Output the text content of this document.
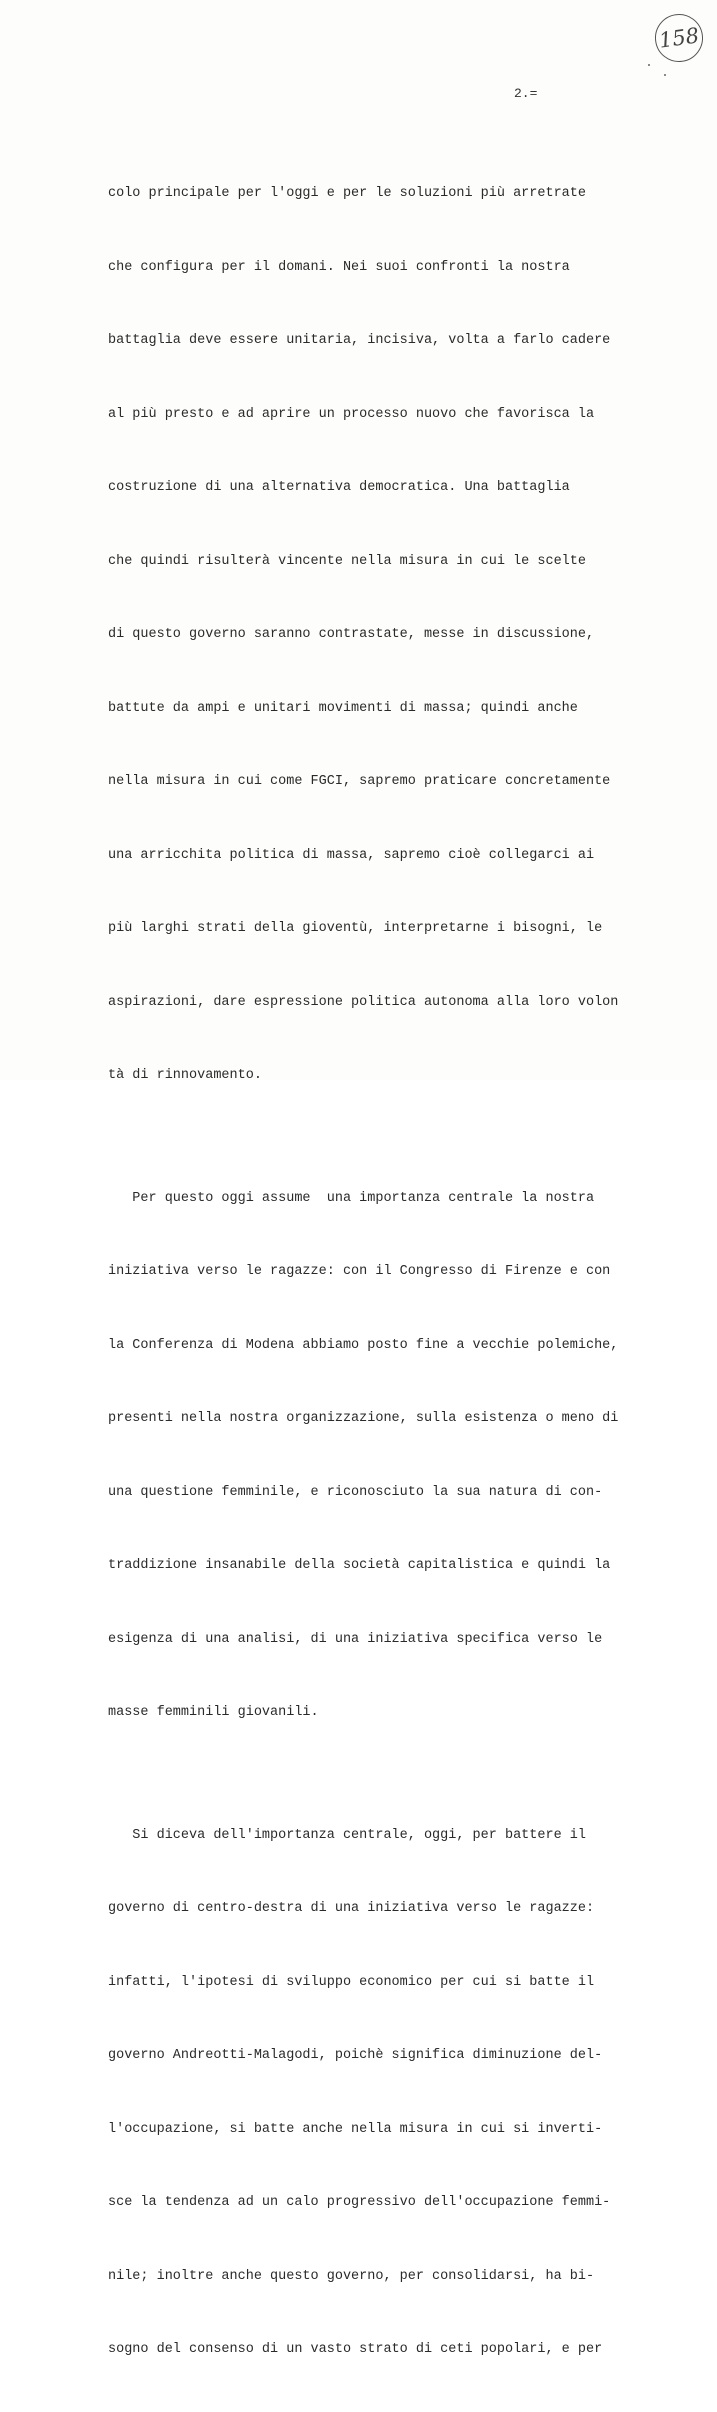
158
2.=

colo principale per l'oggi e per le soluzioni più arretrate

che configura per il domani. Nei suoi confronti la nostra

battaglia deve essere unitaria, incisiva, volta a farlo cadere

al più presto e ad aprire un processo nuovo che favorisca la

costruzione di una alternativa democratica. Una battaglia

che quindi risulterà vincente nella misura in cui le scelte

di questo governo saranno contrastate, messe in discussione,

battute da ampi e unitari movimenti di massa; quindi anche

nella misura in cui come FGCI, sapremo praticare concretamente

una arricchita politica di massa, sapremo cioè collegarci ai

più larghi strati della gioventù, interpretarne i bisogni, le

aspirazioni, dare espressione politica autonoma alla loro volon

tà di rinnovamento.

Per questo oggi assume  una importanza centrale la nostra

iniziativa verso le ragazze: con il Congresso di Firenze e con

la Conferenza di Modena abbiamo posto fine a vecchie polemiche,

presenti nella nostra organizzazione, sulla esistenza o meno di

una questione femminile, e riconosciuto la sua natura di con-

traddizione insanabile della società capitalistica e quindi la

esigenza di una analisi, di una iniziativa specifica verso le

masse femminili giovanili.

Si diceva dell'importanza centrale, oggi, per battere il

governo di centro-destra di una iniziativa verso le ragazze:

infatti, l'ipotesi di sviluppo economico per cui si batte il

governo Andreotti-Malagodi, poichè significa diminuzione del-

l'occupazione, si batte anche nella misura in cui si inverti-

sce la tendenza ad un calo progressivo dell'occupazione femmi-

nile; inoltre anche questo governo, per consolidarsi, ha bi-

sogno del consenso di un vasto strato di ceti popolari, e per
